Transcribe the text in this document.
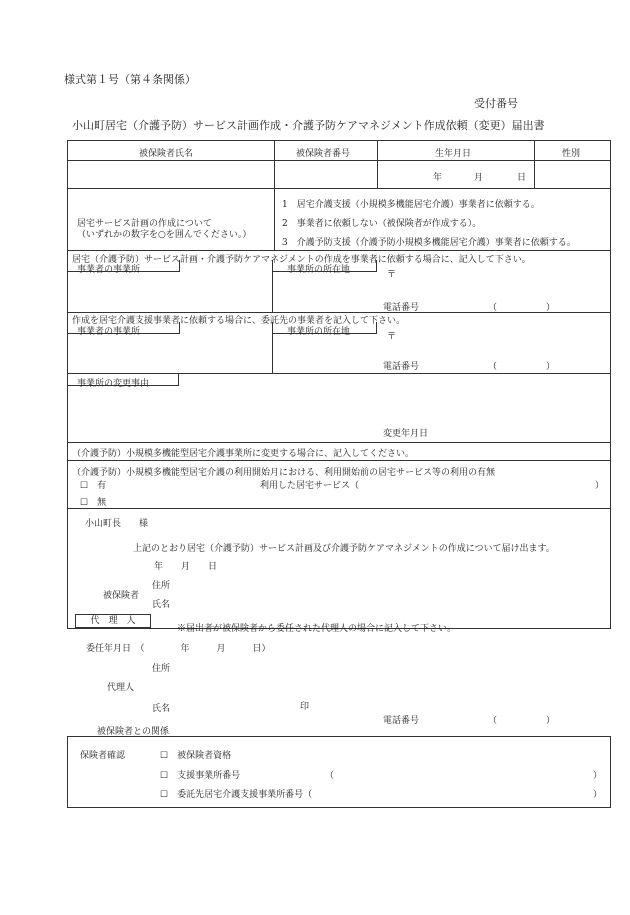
様式第１号（第４条関係）
受付番号
小山町居宅（介護予防）サービス計画作成・介護予防ケアマネジメント作成依頼（変更）届出書
被保険者氏名	被保険者番号	生年月日	性別
年	月	日
居宅サービス計画の作成について
（いずれかの数字を○を囲んでください。）
1　居宅介護支援（小規模多機能居宅介護）事業者に依頼する。
2　事業者に依頼しない（被保険者が作成する）。
3　介護予防支援（介護予防小規模多機能居宅介護）事業者に依頼する。
居宅（介護予防）サービス計画・介護予防ケアマネジメントの作成を事業者に依頼する場合に、記入して下さい。
事業者の事業所	事業所の所在地	〒
電話番号	（	）
作成を居宅介護支援事業者に依頼する場合に、委託先の事業者を記入して下さい。
事業者の事業所	事業所の所在地	〒
電話番号	（	）
事業所の変更事由
変更年月日
（介護予防）小規模多機能型居宅介護事業所に変更する場合に、記入してください。
（介護予防）小規模多機能型居宅介護の利用開始月における、利用開始前の居宅サービス等の利用の有無
☐　有	利用した居宅サービス（	）
☐　無
小山町長　　様
上記のとおり居宅（介護予防）サービス計画及び介護予防ケアマネジメントの作成について届け出ます。
年　　月　　日
住所
被保険者
氏名
代　理　人
※届出者が被保険者から委任された代理人の場合に記入して下さい。
委任年月日　（　　　　年　　　月　　　日）
住所
代理人
氏名	印
電話番号	（	）
被保険者との関係
保険者確認	☐　被保険者資格
☐　支援事業所番号	（	）
☐　委託先居宅介護支援事業所番号（	）
